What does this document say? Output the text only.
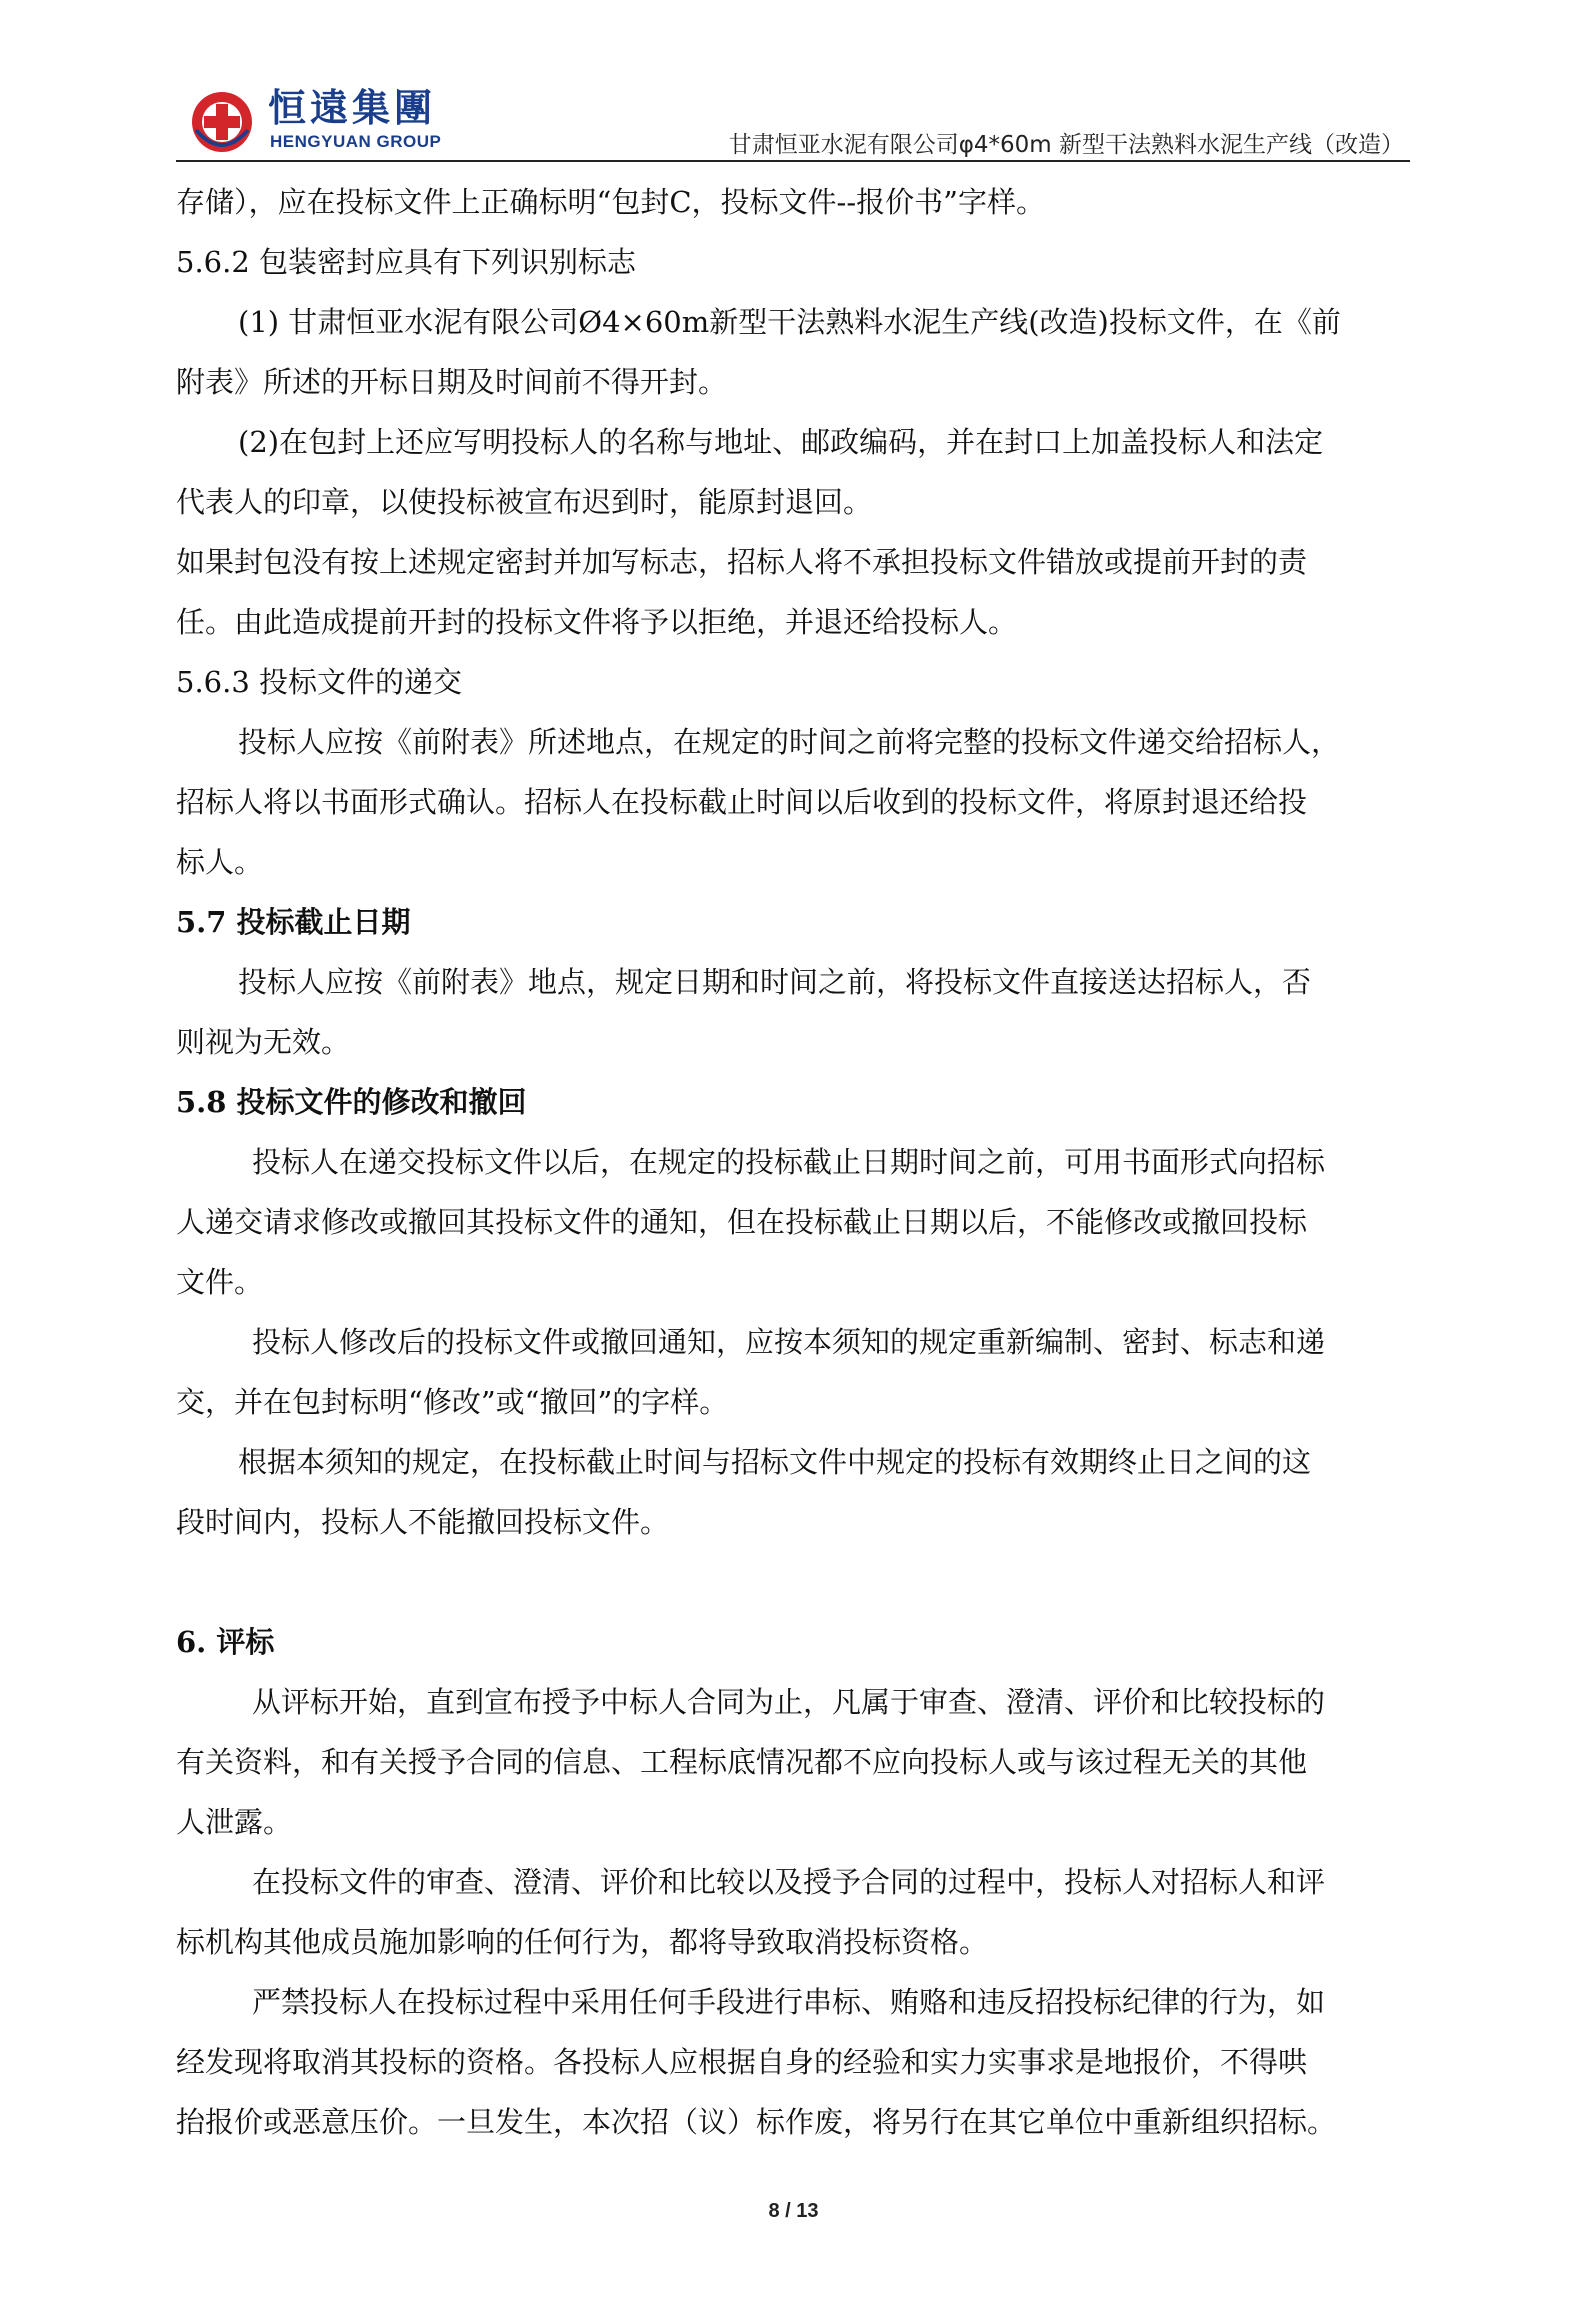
恒遠集團
HENGYUAN GROUP	甘肃恒亚水泥有限公司φ4*60m 新型干法熟料水泥生产线（改造）
存储），应在投标文件上正确标明“包封C，投标文件--报价书”字样。
5.6.2 包装密封应具有下列识别标志
(1) 甘肃恒亚水泥有限公司Ø4×60m新型干法熟料水泥生产线(改造)投标文件，在《前
附表》所述的开标日期及时间前不得开封。
(2)在包封上还应写明投标人的名称与地址、邮政编码，并在封口上加盖投标人和法定
代表人的印章，以使投标被宣布迟到时，能原封退回。
如果封包没有按上述规定密封并加写标志，招标人将不承担投标文件错放或提前开封的责
任。由此造成提前开封的投标文件将予以拒绝，并退还给投标人。
5.6.3 投标文件的递交
投标人应按《前附表》所述地点，在规定的时间之前将完整的投标文件递交给招标人，
招标人将以书面形式确认。招标人在投标截止时间以后收到的投标文件，将原封退还给投
标人。
5.7 投标截止日期
投标人应按《前附表》地点，规定日期和时间之前，将投标文件直接送达招标人，否
则视为无效。
5.8 投标文件的修改和撤回
投标人在递交投标文件以后，在规定的投标截止日期时间之前，可用书面形式向招标
人递交请求修改或撤回其投标文件的通知，但在投标截止日期以后，不能修改或撤回投标
文件。
投标人修改后的投标文件或撤回通知，应按本须知的规定重新编制、密封、标志和递
交，并在包封标明“修改”或“撤回”的字样。
根据本须知的规定，在投标截止时间与招标文件中规定的投标有效期终止日之间的这
段时间内，投标人不能撤回投标文件。
6. 评标
从评标开始，直到宣布授予中标人合同为止，凡属于审查、澄清、评价和比较投标的
有关资料，和有关授予合同的信息、工程标底情况都不应向投标人或与该过程无关的其他
人泄露。
在投标文件的审查、澄清、评价和比较以及授予合同的过程中，投标人对招标人和评
标机构其他成员施加影响的任何行为，都将导致取消投标资格。
严禁投标人在投标过程中采用任何手段进行串标、贿赂和违反招投标纪律的行为，如
经发现将取消其投标的资格。各投标人应根据自身的经验和实力实事求是地报价，不得哄
抬报价或恶意压价。一旦发生，本次招（议）标作废，将另行在其它单位中重新组织招标。
8 / 13
